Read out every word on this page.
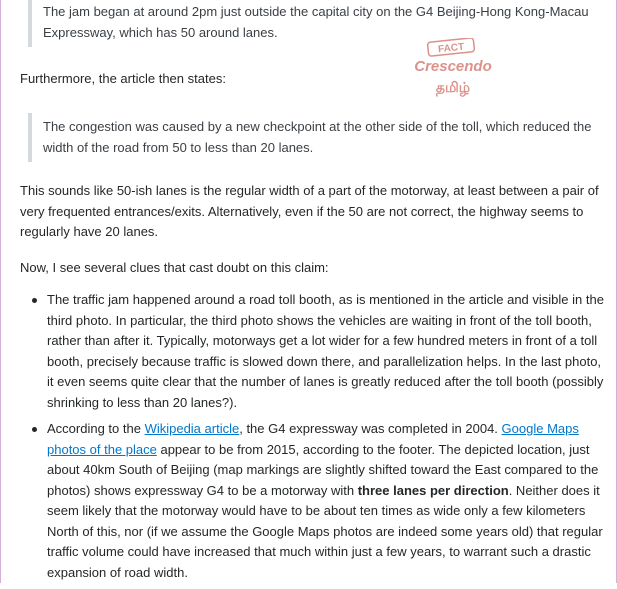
The jam began at around 2pm just outside the capital city on the G4 Beijing-Hong Kong-Macau Expressway, which has 50 around lanes.

Furthermore, the article then states:

The congestion was caused by a new checkpoint at the other side of the toll, which reduced the width of the road from 50 to less than 20 lanes.

This sounds like 50-ish lanes is the regular width of a part of the motorway, at least between a pair of very frequented entrances/exits. Alternatively, even if the 50 are not correct, the highway seems to regularly have 20 lanes.

Now, I see several clues that cast doubt on this claim:

The traffic jam happened around a road toll booth, as is mentioned in the article and visible in the third photo. In particular, the third photo shows the vehicles are waiting in front of the toll booth, rather than after it. Typically, motorways get a lot wider for a few hundred meters in front of a toll booth, precisely because traffic is slowed down there, and parallelization helps. In the last photo, it even seems quite clear that the number of lanes is greatly reduced after the toll booth (possibly shrinking to less than 20 lanes?).
According to the Wikipedia article, the G4 expressway was completed in 2004. Google Maps photos of the place appear to be from 2015, according to the footer. The depicted location, just about 40km South of Beijing (map markings are slightly shifted toward the East compared to the photos) shows expressway G4 to be a motorway with three lanes per direction. Neither does it seem likely that the motorway would have to be about ten times as wide only a few kilometers North of this, nor (if we assume the Google Maps photos are indeed some years old) that regular traffic volume could have increased that much within just a few years, to warrant such a drastic expansion of road width.
FACT
Crescendo
தமிழ்
